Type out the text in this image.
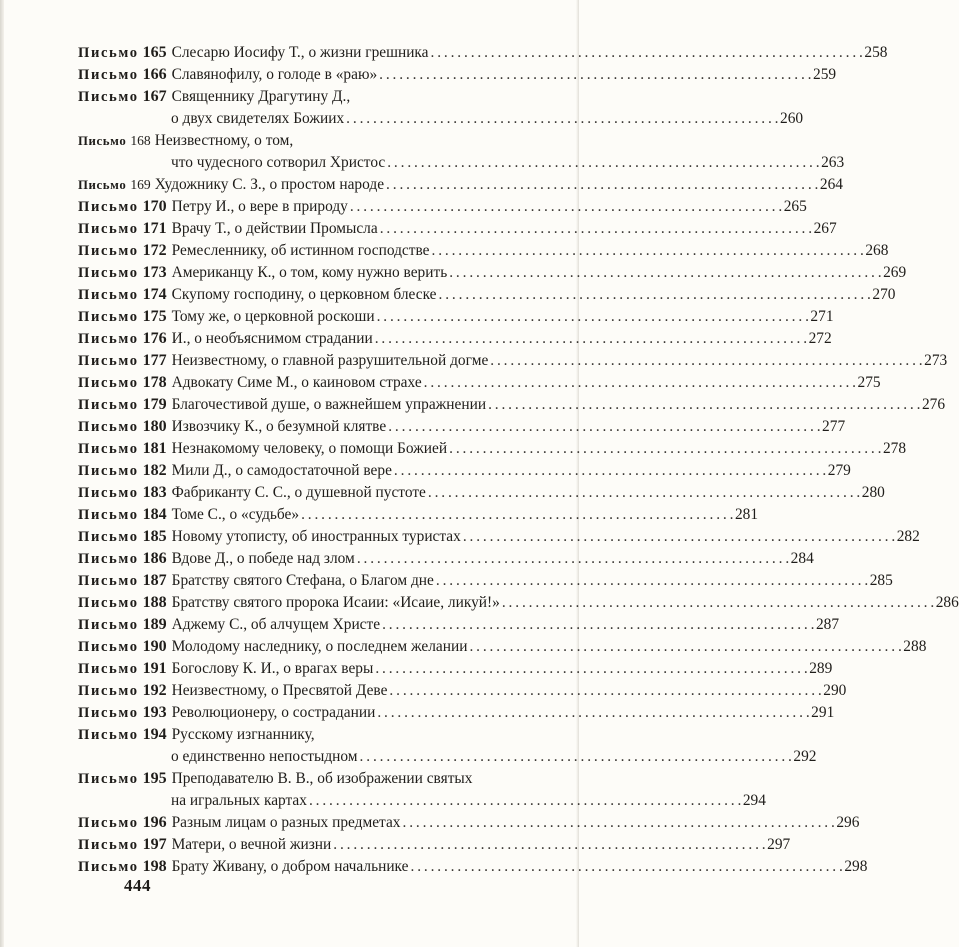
Письмо 165 Слесарю Иосифу Т., о жизни грешника . . .	258
Письмо 166 Славянофилу, о голоде в «раю» . . .	259
Письмо 167 Священнику Драгутину Д.,
о двух свидетелях Божиих . . .	260
Письмо 168 Неизвестному, о том,
что чудесного сотворил Христос . . .	263
Письмо 169 Художнику С. З., о простом народе . . .	264
Письмо 170 Петру И., о вере в природу . . .	265
Письмо 171 Врачу Т., о действии Промысла . . .	267
Письмо 172 Ремесленнику, об истинном господстве . . .	268
Письмо 173 Американцу К., о том, кому нужно верить . . .	269
Письмо 174 Скупому господину, о церковном блеске . . .	270
Письмо 175 Тому же, о церковной роскоши . . .	271
Письмо 176 И., о необъяснимом страдании . . .	272
Письмо 177 Неизвестному, о главной разрушительной догме . . .	273
Письмо 178 Адвокату Симе М., о каиновом страхе . . .	275
Письмо 179 Благочестивой душе, о важнейшем упражнении . . .	276
Письмо 180 Извозчику К., о безумной клятве . . .	277
Письмо 181 Незнакомому человеку, о помощи Божией . . .	278
Письмо 182 Мили Д., о самодостаточной вере . . .	279
Письмо 183 Фабриканту С. С., о душевной пустоте . . .	280
Письмо 184 Томе С., о «судьбе» . . .	281
Письмо 185 Новому утописту, об иностранных туристах . . .	282
Письмо 186 Вдове Д., о победе над злом . . .	284
Письмо 187 Братству святого Стефана, о Благом дне . . .	285
Письмо 188 Братству святого пророка Исаии: «Исаие, ликуй!» . . .	286
Письмо 189 Аджему С., об алчущем Христе . . .	287
Письмо 190 Молодому наследнику, о последнем желании . . .	288
Письмо 191 Богослову К. И., о врагах веры . . .	289
Письмо 192 Неизвестному, о Пресвятой Деве . . .	290
Письмо 193 Революционеру, о сострадании . . .	291
Письмо 194 Русскому изгнаннику,
о единственно непостыдном . . .	292
Письмо 195 Преподавателю В. В., об изображении святых
на игральных картах . . .	294
Письмо 196 Разным лицам о разных предметах . . .	296
Письмо 197 Матери, о вечной жизни . . .	297
Письмо 198 Брату Живану, о добром начальнике . . .	298
444
